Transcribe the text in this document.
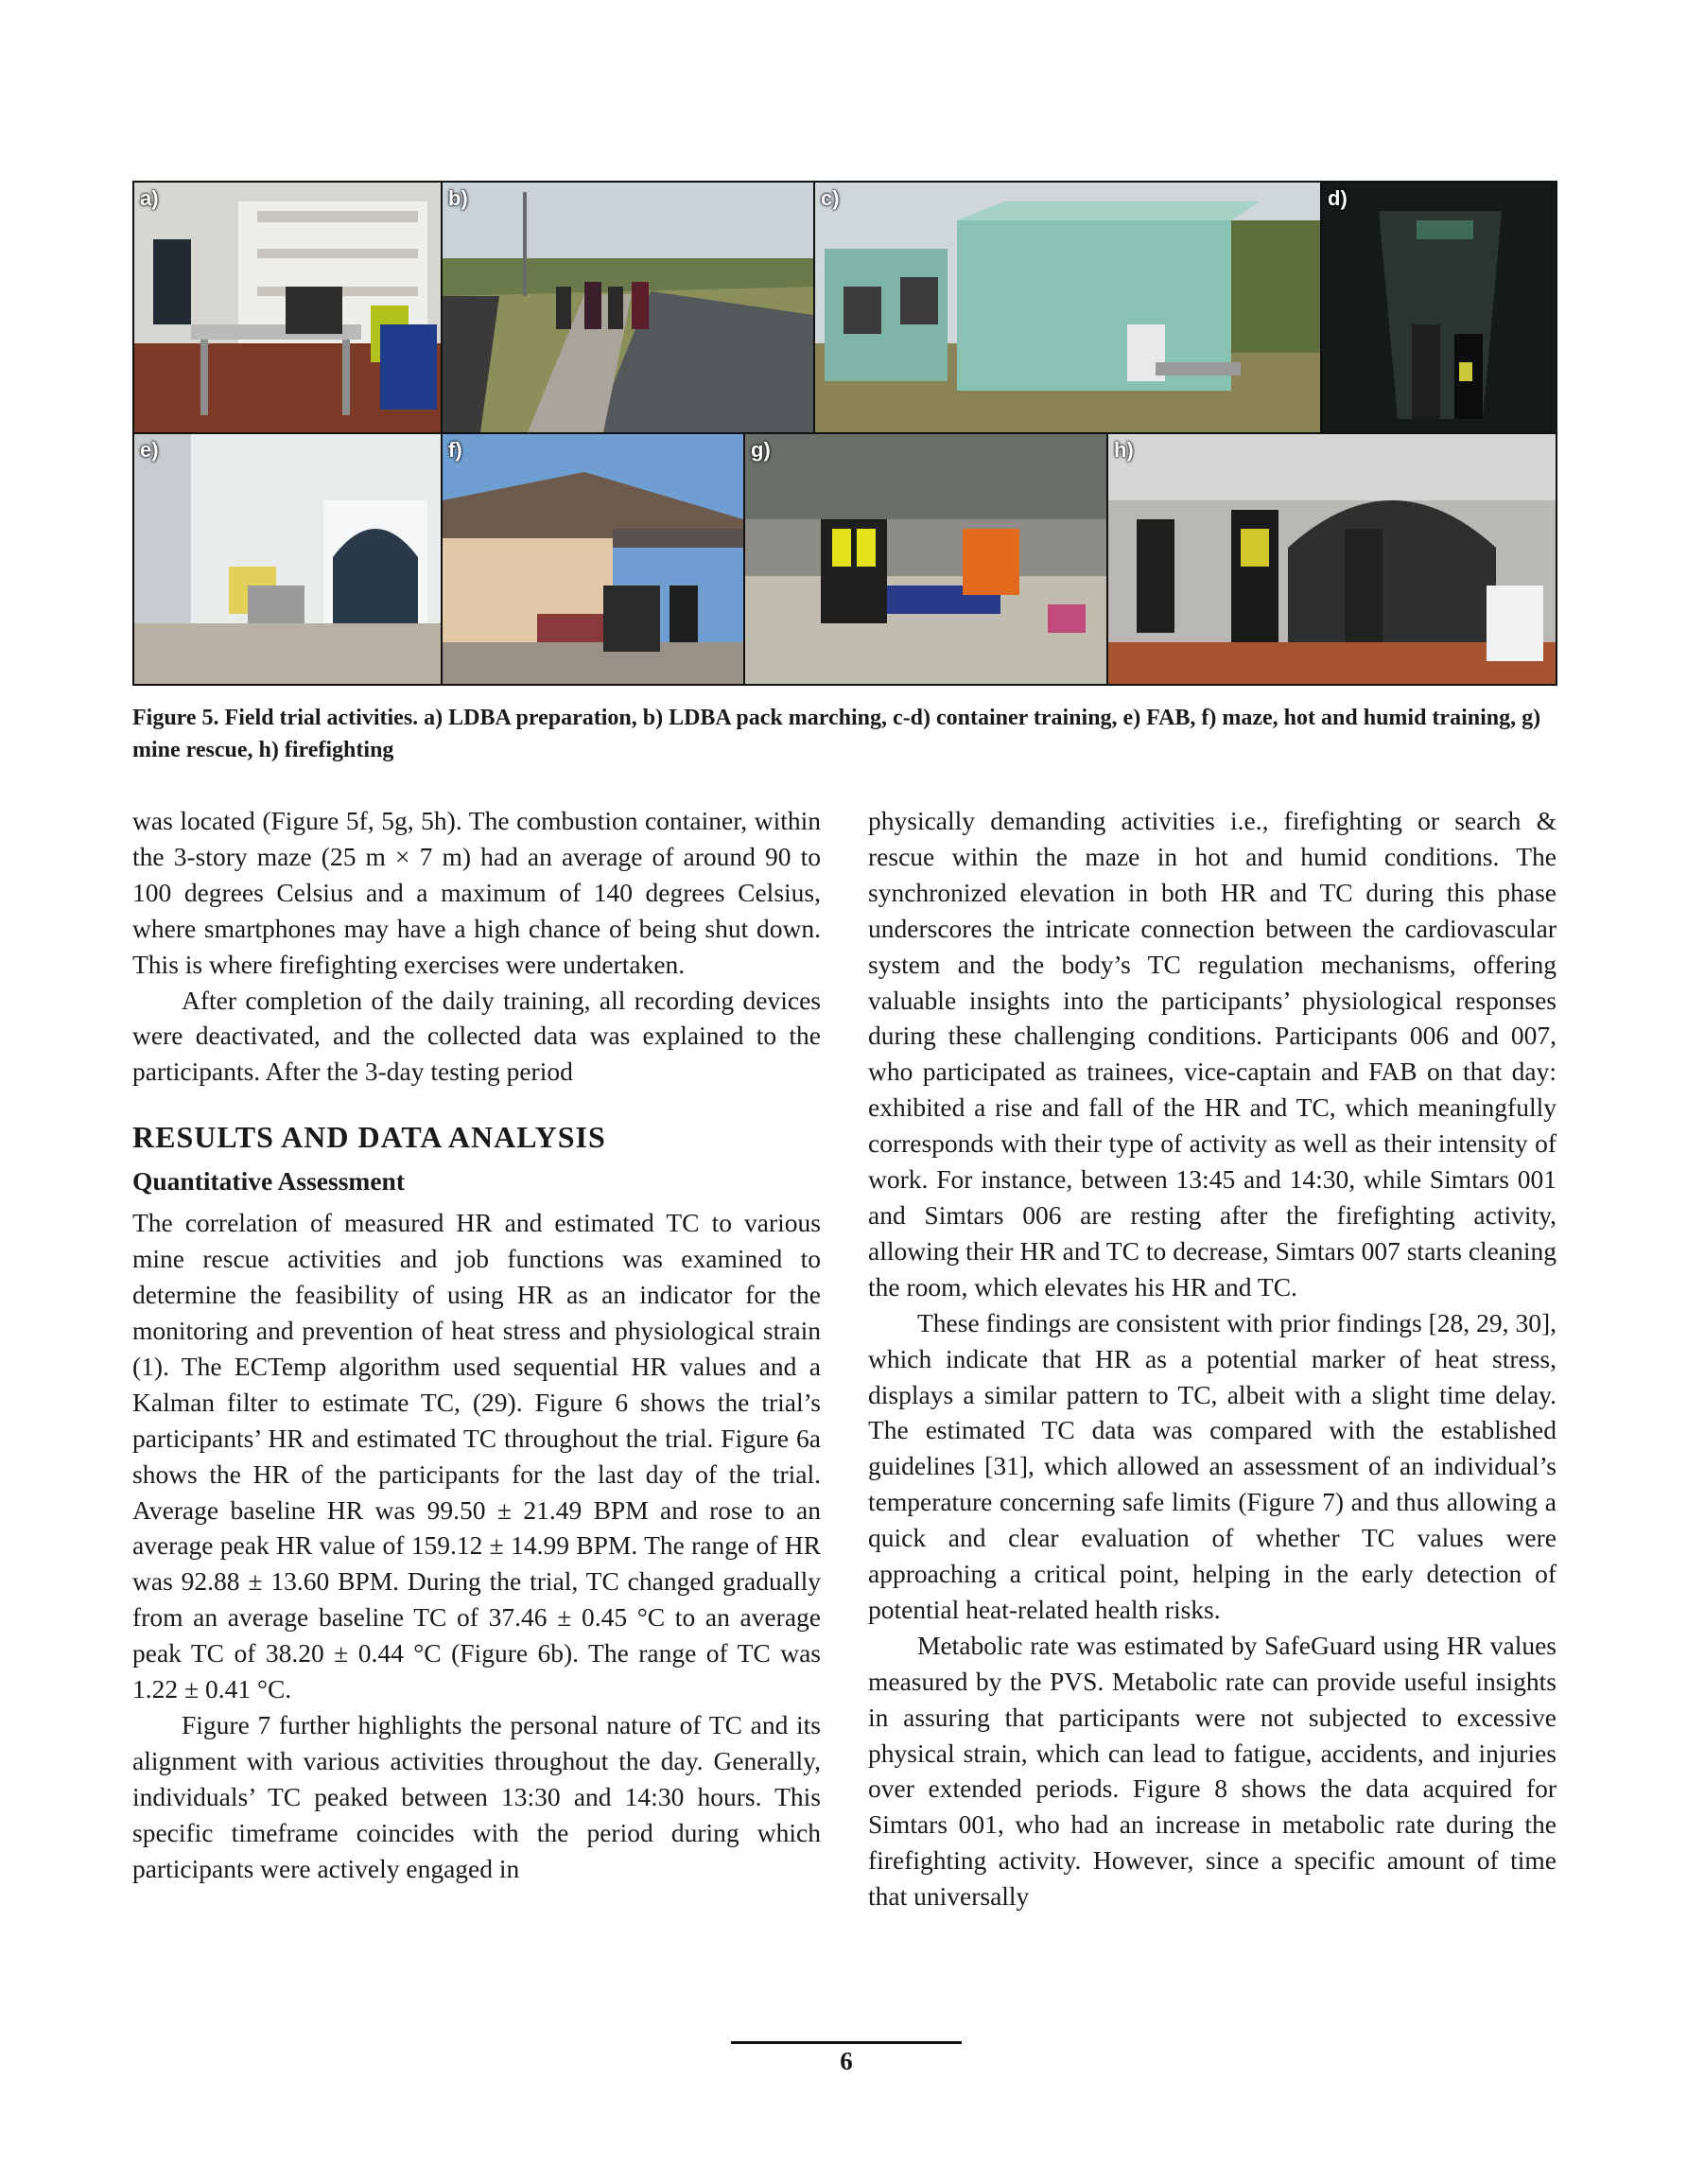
a)	b)	c)	d)
e)	f)	g)	h)

Figure 5. Field trial activities. a) LDBA preparation, b) LDBA pack marching, c-d) container training, e) FAB, f) maze, hot and humid training, g) mine rescue, h) firefighting

was located (Figure 5f, 5g, 5h). The combustion container, within the 3-story maze (25 m × 7 m) had an average of around 90 to 100 degrees Celsius and a maximum of 140 degrees Celsius, where smartphones may have a high chance of being shut down. This is where firefighting exercises were undertaken.

After completion of the daily training, all recording devices were deactivated, and the collected data was explained to the participants. After the 3-day testing period

RESULTS AND DATA ANALYSIS
Quantitative Assessment

The correlation of measured HR and estimated TC to various mine rescue activities and job functions was examined to determine the feasibility of using HR as an indicator for the monitoring and prevention of heat stress and physiological strain (1). The ECTemp algorithm used sequential HR values and a Kalman filter to estimate TC, (29). Figure 6 shows the trial’s participants’ HR and estimated TC throughout the trial. Figure 6a shows the HR of the participants for the last day of the trial. Average baseline HR was 99.50 ± 21.49 BPM and rose to an average peak HR value of 159.12 ± 14.99 BPM. The range of HR was 92.88 ± 13.60 BPM. During the trial, TC changed gradually from an average baseline TC of 37.46 ± 0.45 °C to an average peak TC of 38.20 ± 0.44 °C (Figure 6b). The range of TC was 1.22 ± 0.41 °C.

Figure 7 further highlights the personal nature of TC and its alignment with various activities throughout the day. Generally, individuals’ TC peaked between 13:30 and 14:30 hours. This specific timeframe coincides with the period during which participants were actively engaged in

physically demanding activities i.e., firefighting or search & rescue within the maze in hot and humid conditions. The synchronized elevation in both HR and TC during this phase underscores the intricate connection between the cardiovascular system and the body’s TC regulation mechanisms, offering valuable insights into the participants’ physiological responses during these challenging conditions. Participants 006 and 007, who participated as trainees, vice-captain and FAB on that day: exhibited a rise and fall of the HR and TC, which meaningfully corresponds with their type of activity as well as their intensity of work. For instance, between 13:45 and 14:30, while Simtars 001 and Simtars 006 are resting after the firefighting activity, allowing their HR and TC to decrease, Simtars 007 starts cleaning the room, which elevates his HR and TC.

These findings are consistent with prior findings [28, 29, 30], which indicate that HR as a potential marker of heat stress, displays a similar pattern to TC, albeit with a slight time delay. The estimated TC data was compared with the established guidelines [31], which allowed an assessment of an individual’s temperature concerning safe limits (Figure 7) and thus allowing a quick and clear evaluation of whether TC values were approaching a critical point, helping in the early detection of potential heat-related health risks.

Metabolic rate was estimated by SafeGuard using HR values measured by the PVS. Metabolic rate can provide useful insights in assuring that participants were not subjected to excessive physical strain, which can lead to fatigue, accidents, and injuries over extended periods. Figure 8 shows the data acquired for Simtars 001, who had an increase in metabolic rate during the firefighting activity. However, since a specific amount of time that universally

6
